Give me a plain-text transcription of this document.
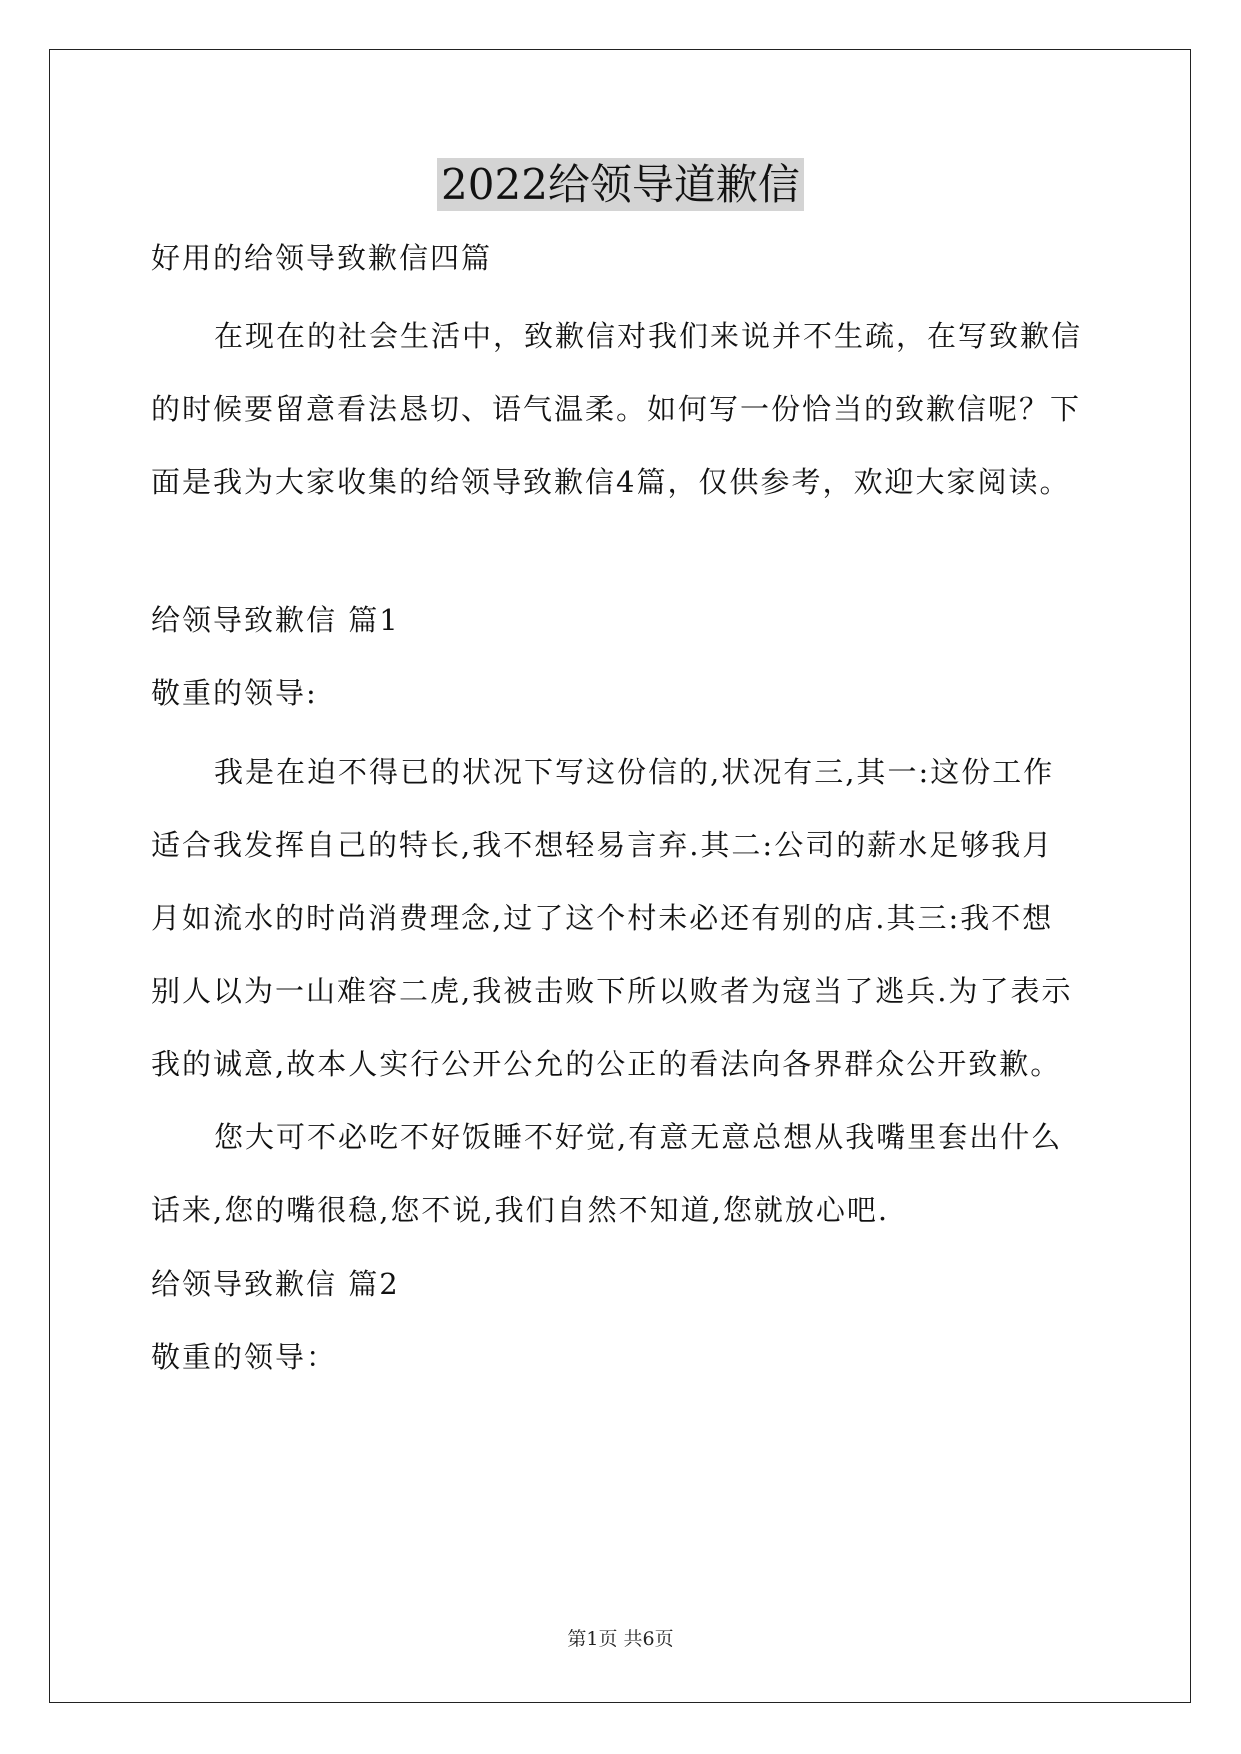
2022给领导道歉信
好用的给领导致歉信四篇
在现在的社会生活中，致歉信对我们来说并不生疏，在写致歉信
的时候要留意看法恳切、语气温柔。如何写一份恰当的致歉信呢？下
面是我为大家收集的给领导致歉信4篇，仅供参考，欢迎大家阅读。
给领导致歉信 篇1
敬重的领导:
我是在迫不得已的状况下写这份信的,状况有三,其一:这份工作
适合我发挥自己的特长,我不想轻易言弃.其二:公司的薪水足够我月
月如流水的时尚消费理念,过了这个村未必还有别的店.其三:我不想
别人以为一山难容二虎,我被击败下所以败者为寇当了逃兵.为了表示
我的诚意,故本人实行公开公允的公正的看法向各界群众公开致歉。
您大可不必吃不好饭睡不好觉,有意无意总想从我嘴里套出什么
话来,您的嘴很稳,您不说,我们自然不知道,您就放心吧.
给领导致歉信 篇2
敬重的领导：
第1页 共6页
